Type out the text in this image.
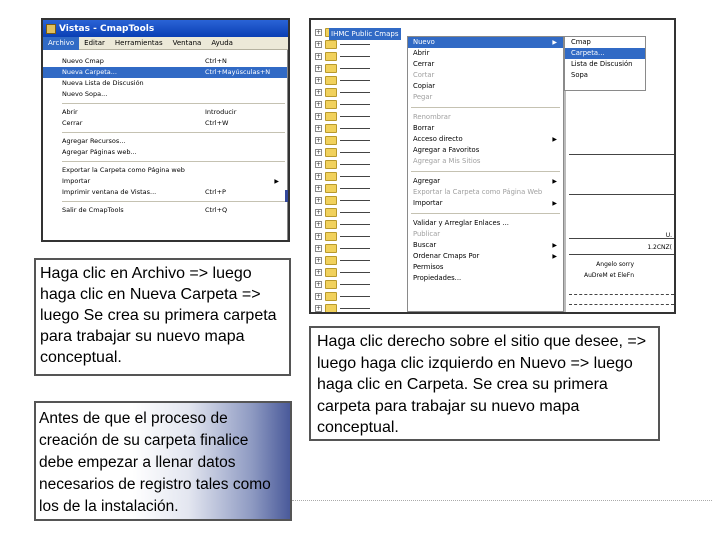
Vistas - CmapTools
Archivo	Editar	Herramientas	Ventana	Ayuda
Nuevo Cmap	Ctrl+N
Nueva Carpeta...	Ctrl+Mayúsculas+N
Nueva Lista de Discusión
Nuevo Sopa...
Abrir	Introducir
Cerrar	Ctrl+W
Agregar Recursos...
Agregar Páginas web...
Exportar la Carpeta como Página web
Importar	▶
Imprimir ventana de Vistas...	Ctrl+P
Salir de CmapTools	Ctrl+Q
+
+
+
+
+
+
+
+
+
+
+
+
+
+
+
+
+
+
+
+
+
+
+
+
IHMC Public Cmaps
Nuevo	▶
Abrir
Cerrar
Cortar
Copiar
Pegar
Renombrar
Borrar
Acceso directo	▶
Agregar a Favoritos
Agregar a Mis Sitios
Agregar	▶
Exportar la Carpeta como Página Web
Importar	▶
Validar y Arreglar Enlaces ...
Publicar
Buscar	▶
Ordenar Cmaps Por	▶
Permisos
Propiedades...
Cmap
Carpeta...
Lista de Discusión
Sopa
U.
1.2CNZ(
Angelo sorry
AuDreM et EleFn
Haga clic en Archivo => luego haga clic en Nueva Carpeta => luego Se crea su primera carpeta para trabajar su nuevo mapa conceptual.
Haga clic derecho sobre el sitio que desee, => luego haga clic izquierdo en Nuevo => luego haga clic en Carpeta. Se crea su primera carpeta para trabajar su nuevo mapa conceptual.
Antes de que el proceso de creación de su carpeta finalice debe empezar a llenar datos necesarios de registro tales como los de la instalación.
